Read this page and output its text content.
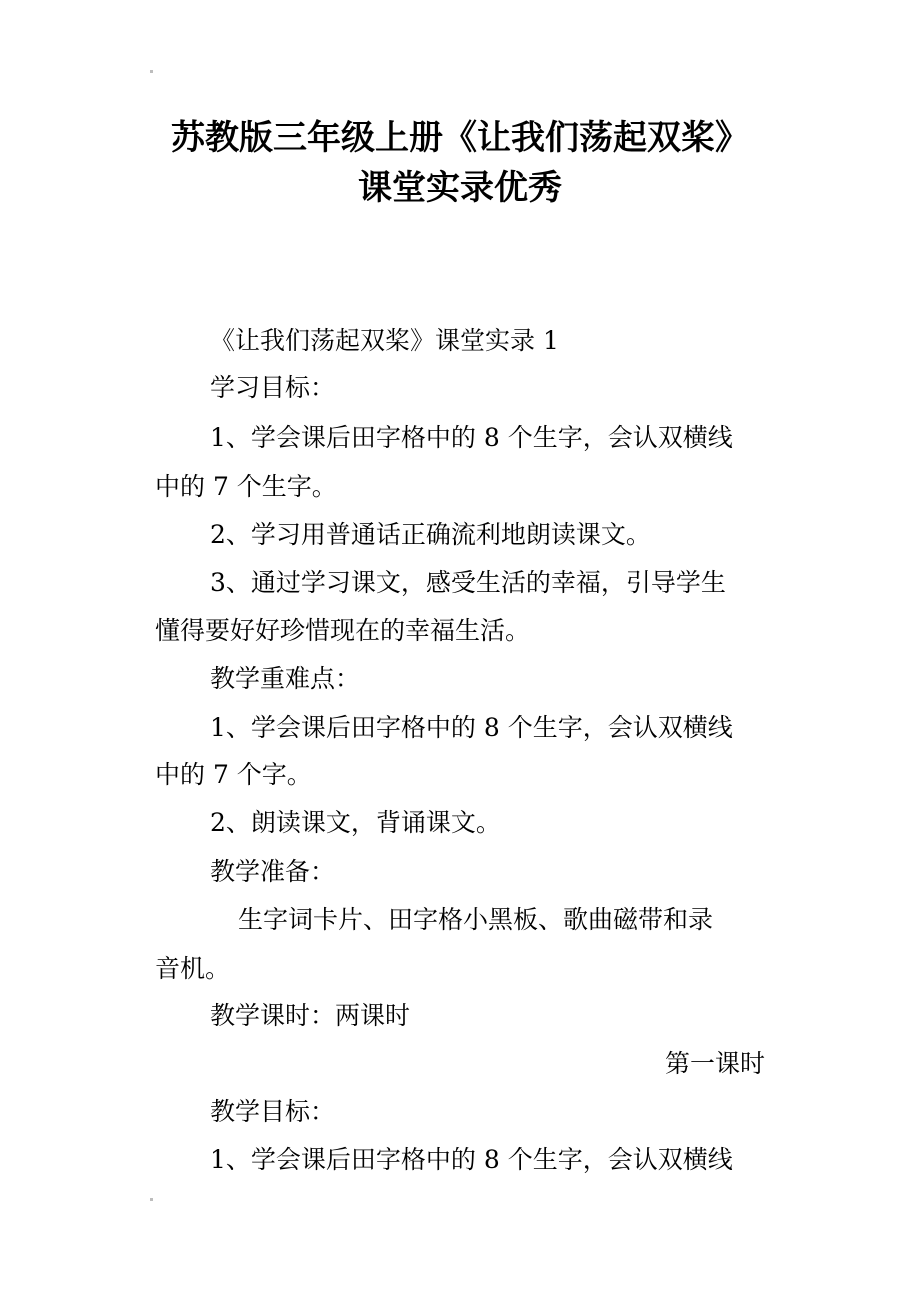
苏教版三年级上册《让我们荡起双桨》
课堂实录优秀
《让我们荡起双桨》课堂实录 1
学习目标：
1、学会课后田字格中的 8 个生字，会认双横线
中的 7 个生字。
2、学习用普通话正确流利地朗读课文。
3、通过学习课文，感受生活的幸福，引导学生
懂得要好好珍惜现在的幸福生活。
教学重难点：
1、学会课后田字格中的 8 个生字，会认双横线
中的 7 个字。
2、朗读课文，背诵课文。
教学准备：
生字词卡片、田字格小黑板、歌曲磁带和录
音机。
教学课时：两课时
第一课时
教学目标：
1、学会课后田字格中的 8 个生字，会认双横线
